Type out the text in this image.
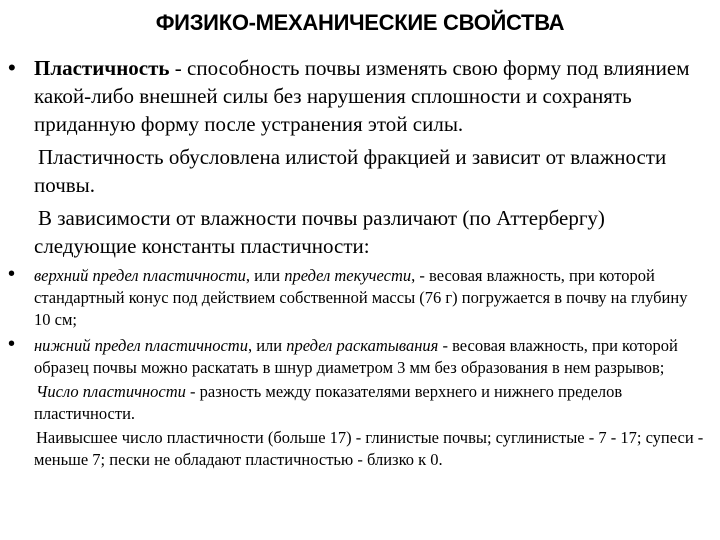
ФИЗИКО-МЕХАНИЧЕСКИЕ СВОЙСТВА
• Пластичность - способность почвы изменять свою форму под влиянием какой-либо внешней силы без нарушения сплошности и сохранять приданную форму после устранения этой силы.
Пластичность обусловлена илистой фракцией и зависит от влажности почвы.
В зависимости от влажности почвы различают (по Аттербергу) следующие константы пластичности:
• верхний предел пластичности, или предел текучести, - весовая влажность, при которой стандартный конус под действием собственной массы (76 г) погружается в почву на глубину 10 см;
• нижний предел пластичности, или предел раскатывания - весовая влажность, при которой образец почвы можно раскатать в шнур диаметром 3 мм без образования в нем разрывов;
Число пластичности - разность между показателями верхнего и нижнего пределов пластичности.
Наивысшее число пластичности (больше 17) - глинистые почвы; суглинистые - 7 - 17; супеси - меньше 7; пески не обладают пластичностью - близко к 0.
